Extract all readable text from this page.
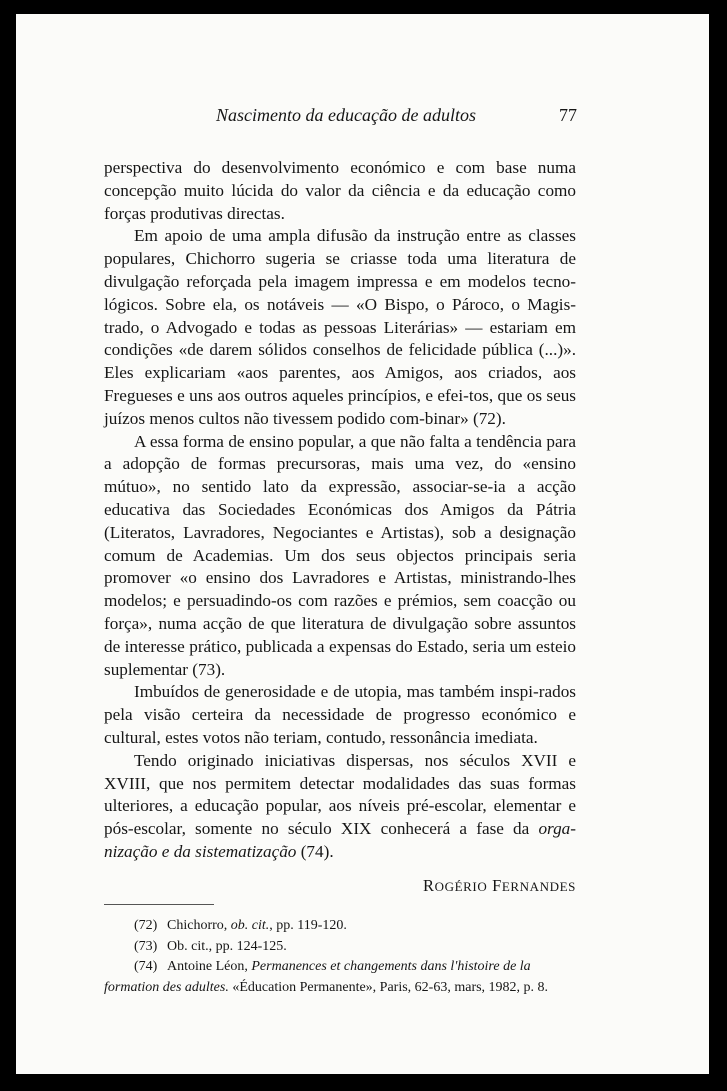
Nascimento da educação de adultos	77

perspectiva do desenvolvimento económico e com base numa concepção muito lúcida do valor da ciência e da educação como forças produtivas directas.

Em apoio de uma ampla difusão da instrução entre as classes populares, Chichorro sugeria se criasse toda uma literatura de divulgação reforçada pela imagem impressa e em modelos tecno-lógicos. Sobre ela, os notáveis — «O Bispo, o Pároco, o Magis-trado, o Advogado e todas as pessoas Literárias» — estariam em condições «de darem sólidos conselhos de felicidade pública (...)». Eles explicariam «aos parentes, aos Amigos, aos criados, aos Fregueses e uns aos outros aqueles princípios, e efei-tos, que os seus juízos menos cultos não tivessem podido com-binar» (72).

A essa forma de ensino popular, a que não falta a tendência para a adopção de formas precursoras, mais uma vez, do «ensino mútuo», no sentido lato da expressão, associar-se-ia a acção educativa das Sociedades Económicas dos Amigos da Pátria (Literatos, Lavradores, Negociantes e Artistas), sob a designação comum de Academias. Um dos seus objectos principais seria promover «o ensino dos Lavradores e Artistas, ministrando-lhes modelos; e persuadindo-os com razões e prémios, sem coacção ou força», numa acção de que literatura de divulgação sobre assuntos de interesse prático, publicada a expensas do Estado, seria um esteio suplementar (73).

Imbuídos de generosidade e de utopia, mas também inspi-rados pela visão certeira da necessidade de progresso económico e cultural, estes votos não teriam, contudo, ressonância imediata.

Tendo originado iniciativas dispersas, nos séculos XVII e XVIII, que nos permitem detectar modalidades das suas formas ulteriores, a educação popular, aos níveis pré-escolar, elementar e pós-escolar, somente no século XIX conhecerá a fase da orga-nização e da sistematização (74).

ROGÉRIO FERNANDES

(72) Chichorro, ob. cit., pp. 119-120.

(73) Ob. cit., pp. 124-125.

(74) Antoine Léon, Permanences et changements dans l'histoire de la

formation des adultes. «Éducation Permanente», Paris, 62-63, mars, 1982, p. 8.
